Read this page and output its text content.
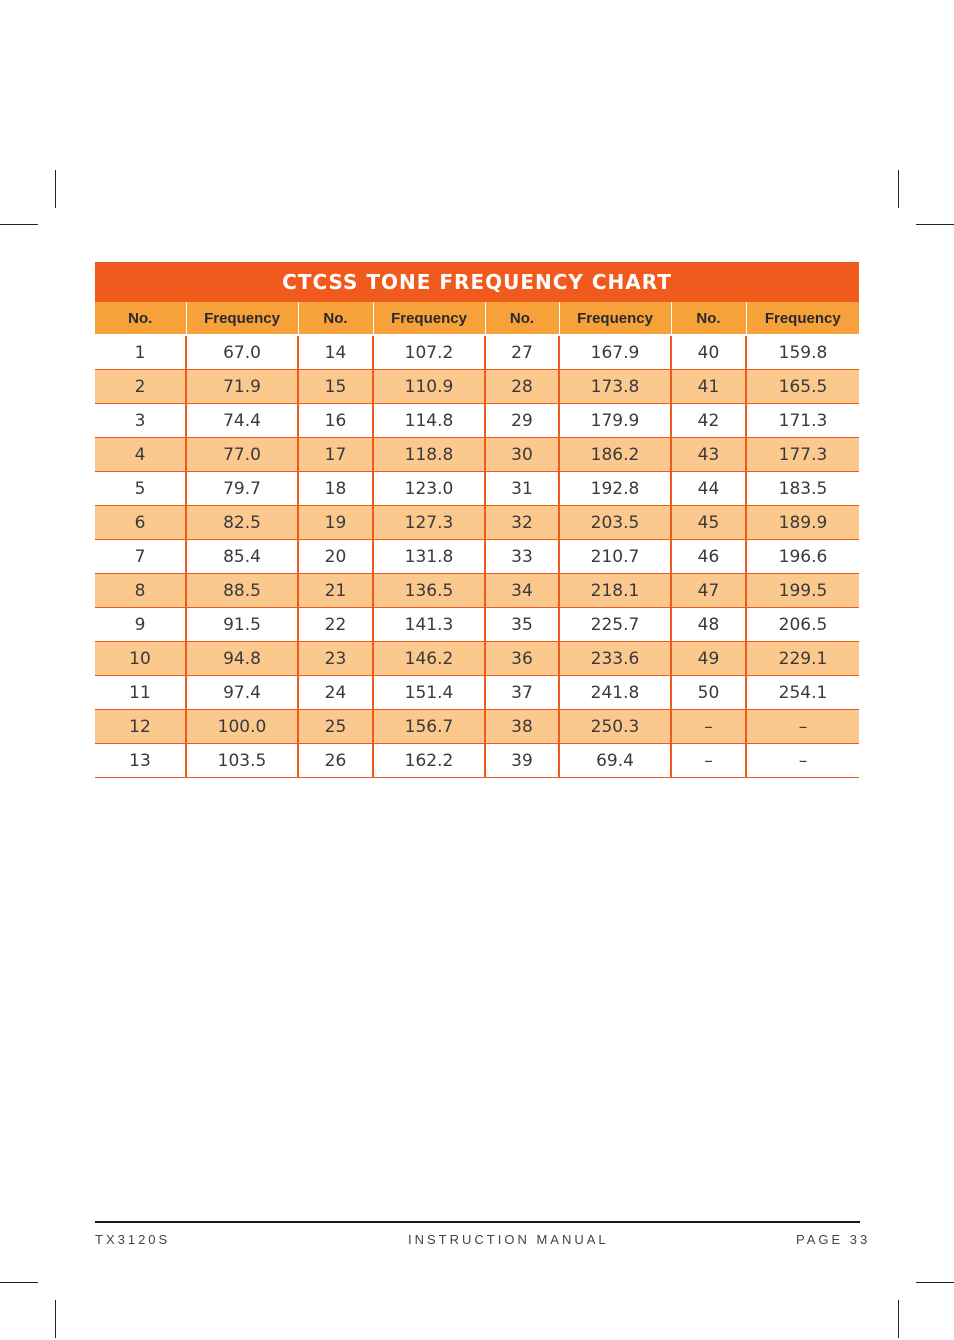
CTCSS TONE FREQUENCY CHART							
No.	Frequency	No.	Frequency	No.	Frequency	No.	Frequency

1	67.0	14	107.2	27	167.9	40	159.8
2	71.9	15	110.9	28	173.8	41	165.5
3	74.4	16	114.8	29	179.9	42	171.3
4	77.0	17	118.8	30	186.2	43	177.3
5	79.7	18	123.0	31	192.8	44	183.5
6	82.5	19	127.3	32	203.5	45	189.9
7	85.4	20	131.8	33	210.7	46	196.6
8	88.5	21	136.5	34	218.1	47	199.5
9	91.5	22	141.3	35	225.7	48	206.5
10	94.8	23	146.2	36	233.6	49	229.1
11	97.4	24	151.4	37	241.8	50	254.1
12	100.0	25	156.7	38	250.3	–	–
13	103.5	26	162.2	39	69.4	–	–
TX3120S	INSTRUCTION MANUAL	PAGE 33
